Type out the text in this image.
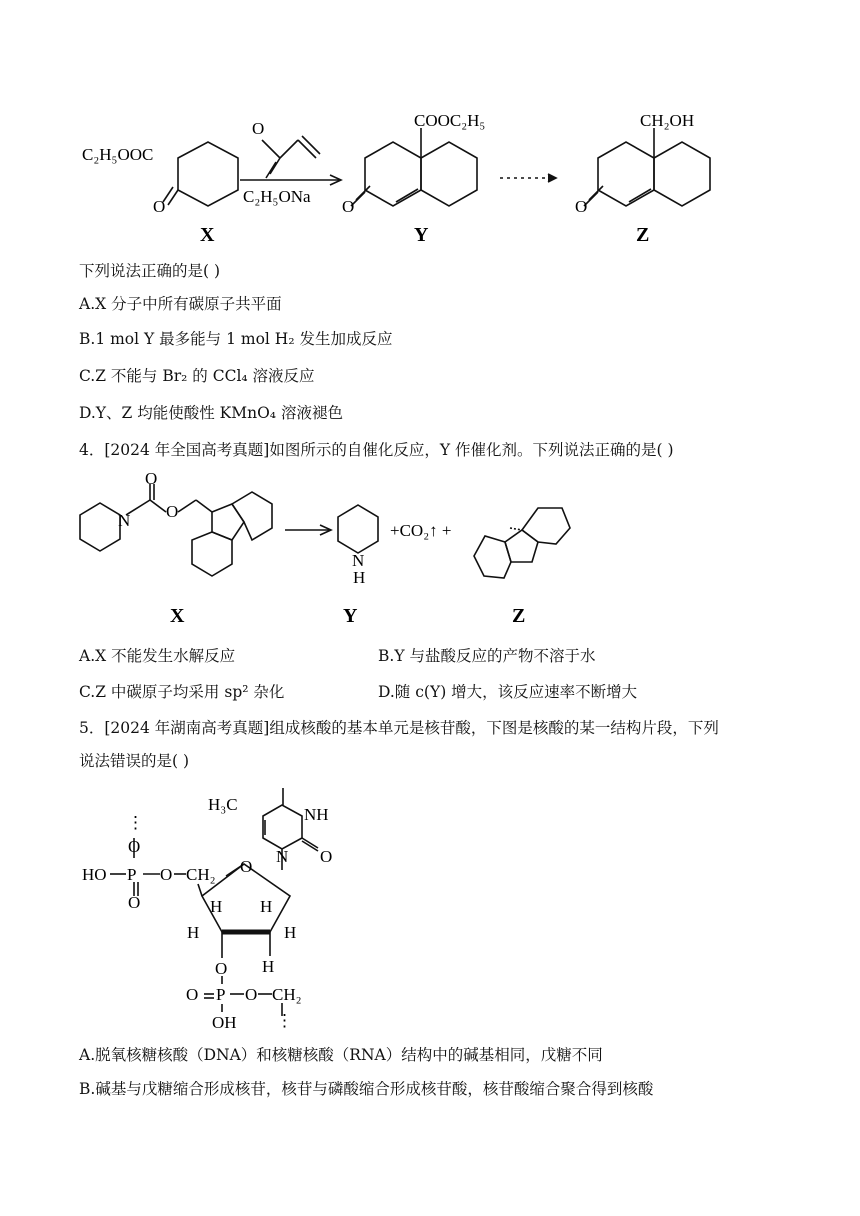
C₂H₅OOC
O
O
C₂H₅ONa
COOC₂H₅
O
CH₂OH
O
X	Y	Z
下列说法正确的是( )
A.X 分子中所有碳原子共平面
B.1 mol Y 最多能与 1 mol H₂ 发生加成反应
C.Z 不能与 Br₂ 的 CCl₄ 溶液反应
D.Y、Z 均能使酸性 KMnO₄ 溶液褪色
4．[2024 年全国高考真题]如图所示的自催化反应，Y 作催化剂。下列说法正确的是( )
O
N O
N
H
+CO₂↑ +
X	Y	Z
A.X 不能发生水解反应	B.Y 与盐酸反应的产物不溶于水
C.Z 中碳原子均采用 sp² 杂化	D.随 c(Y) 增大，该反应速率不断增大
5．[2024 年湖南高考真题]组成核酸的基本单元是核苷酸，下图是核酸的某一结构片段，下列
说法错误的是( )
H₃C
NH
O
N
⋮
O
HO P
O
O CH₂ O
H H
H	H
H
O
O P O CH₂
OH ⋮
A.脱氧核糖核酸（DNA）和核糖核酸（RNA）结构中的碱基相同，戊糖不同
B.碱基与戊糖缩合形成核苷，核苷与磷酸缩合形成核苷酸，核苷酸缩合聚合得到核酸
